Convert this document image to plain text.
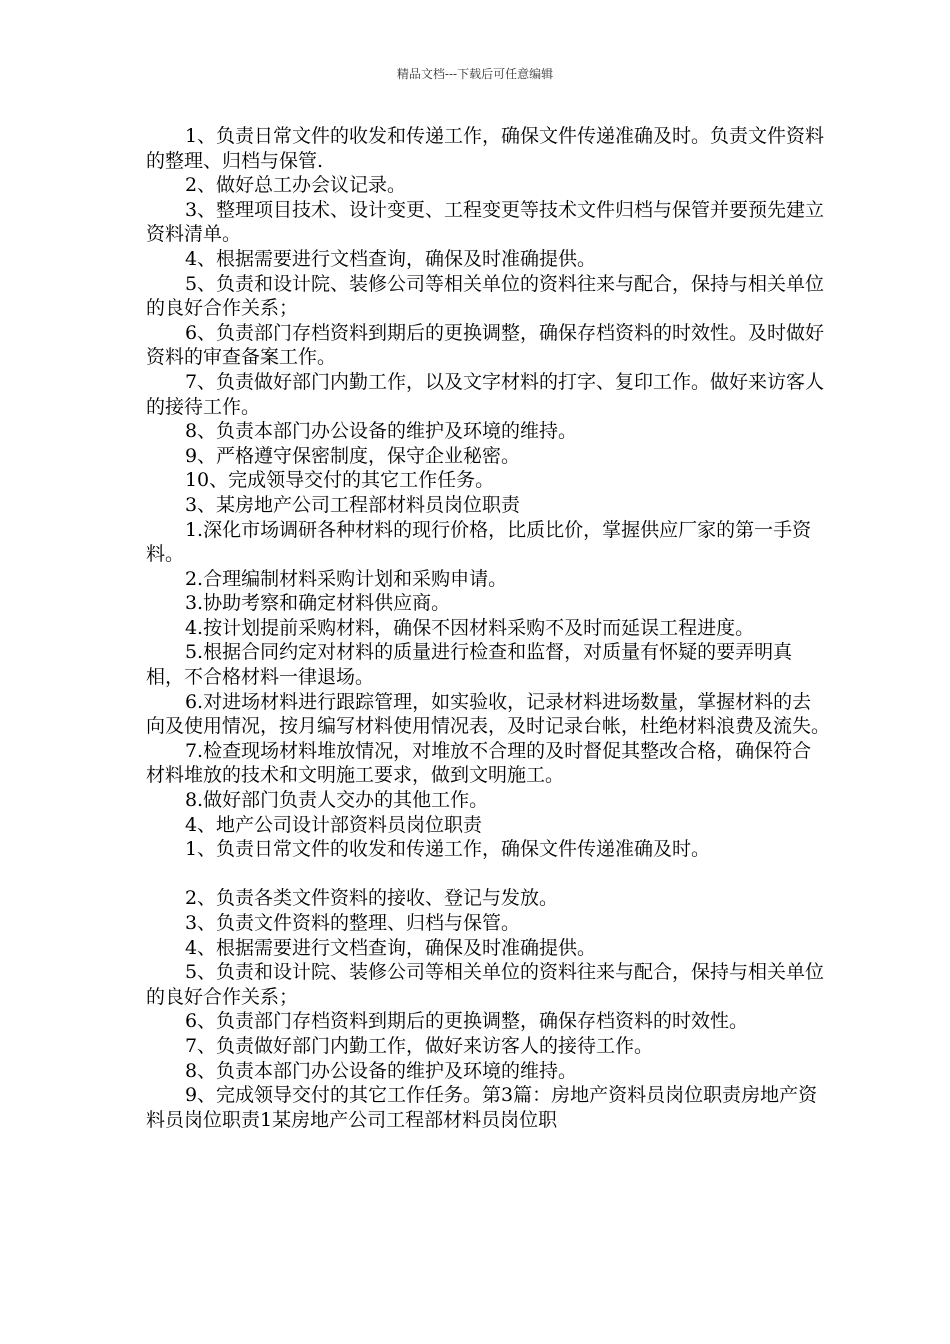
精品文档---下载后可任意编辑

1、负责日常文件的收发和传递工作，确保文件传递准确及时。负责文件资料的整理、归档与保管.

2、做好总工办会议记录。

3、整理项目技术、设计变更、工程变更等技术文件归档与保管并要预先建立资料清单。

4、根据需要进行文档查询，确保及时准确提供。

5、负责和设计院、装修公司等相关单位的资料往来与配合，保持与相关单位的良好合作关系；

6、负责部门存档资料到期后的更换调整，确保存档资料的时效性。及时做好资料的审查备案工作。

7、负责做好部门内勤工作，以及文字材料的打字、复印工作。做好来访客人的接待工作。

8、负责本部门办公设备的维护及环境的维持。

9、严格遵守保密制度，保守企业秘密。

10、完成领导交付的其它工作任务。

3、某房地产公司工程部材料员岗位职责

1.深化市场调研各种材料的现行价格，比质比价，掌握供应厂家的第一手资料。

2.合理编制材料采购计划和采购申请。

3.协助考察和确定材料供应商。

4.按计划提前采购材料，确保不因材料采购不及时而延误工程进度。

5.根据合同约定对材料的质量进行检查和监督，对质量有怀疑的要弄明真相，不合格材料一律退场。

6.对进场材料进行跟踪管理，如实验收，记录材料进场数量，掌握材料的去向及使用情况，按月编写材料使用情况表，及时记录台帐，杜绝材料浪费及流失。

7.检查现场材料堆放情况，对堆放不合理的及时督促其整改合格，确保符合材料堆放的技术和文明施工要求，做到文明施工。

8.做好部门负责人交办的其他工作。

4、地产公司设计部资料员岗位职责

1、负责日常文件的收发和传递工作，确保文件传递准确及时。

2、负责各类文件资料的接收、登记与发放。

3、负责文件资料的整理、归档与保管。

4、根据需要进行文档查询，确保及时准确提供。

5、负责和设计院、装修公司等相关单位的资料往来与配合，保持与相关单位的良好合作关系；

6、负责部门存档资料到期后的更换调整，确保存档资料的时效性。

7、负责做好部门内勤工作，做好来访客人的接待工作。

8、负责本部门办公设备的维护及环境的维持。

9、完成领导交付的其它工作任务。第3篇：房地产资料员岗位职责房地产资料员岗位职责1某房地产公司工程部材料员岗位职
